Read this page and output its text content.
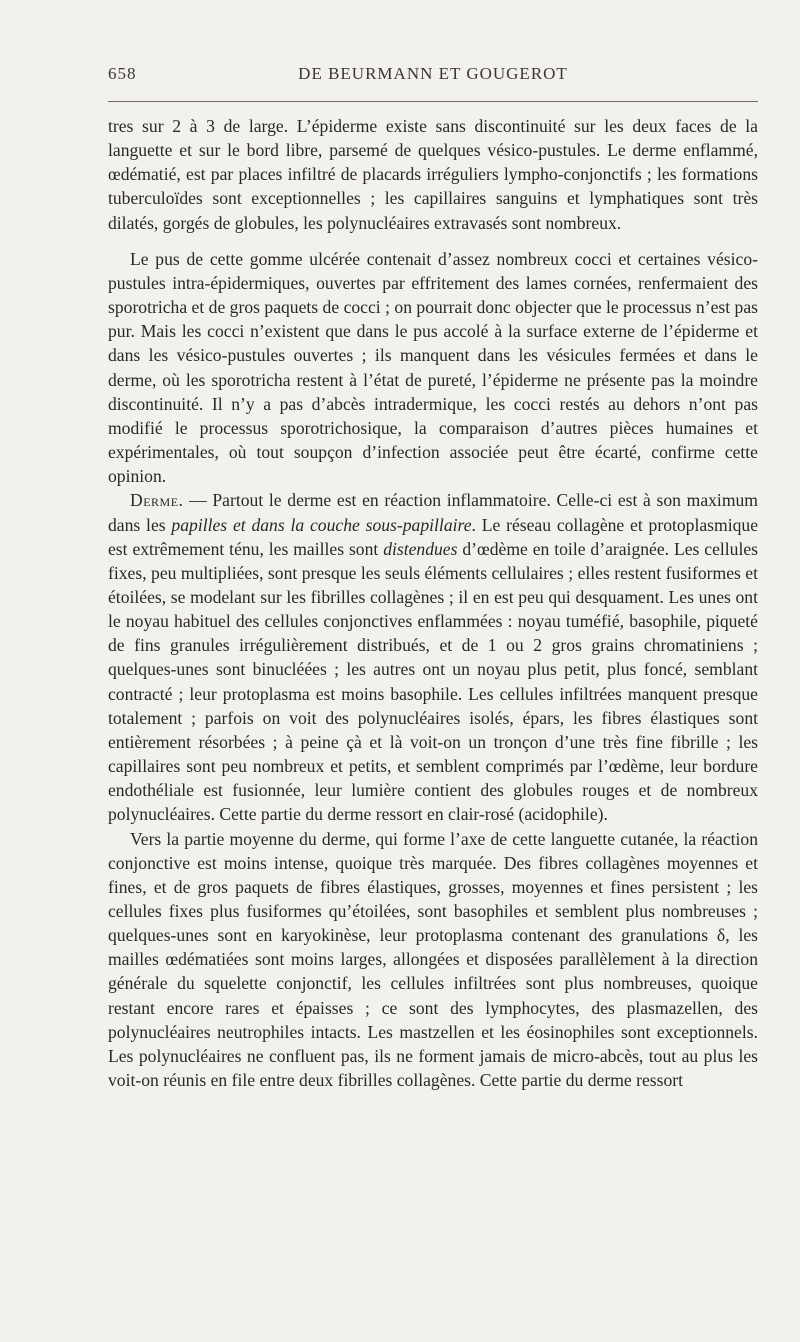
658	DE BEURMANN ET GOUGEROT

tres sur 2 à 3 de large. L’épiderme existe sans discontinuité sur les deux faces de la languette et sur le bord libre, parsemé de quelques vésico-pustules. Le derme enflammé, œdématié, est par places infiltré de placards irréguliers lympho-conjonctifs ; les formations tuberculoïdes sont exceptionnelles ; les capillaires sanguins et lymphatiques sont très dilatés, gorgés de globules, les polynucléaires extravasés sont nombreux.

Le pus de cette gomme ulcérée contenait d’assez nombreux cocci et certaines vésico-pustules intra-épidermiques, ouvertes par effritement des lames cornées, renfermaient des sporotricha et de gros paquets de cocci ; on pourrait donc objecter que le processus n’est pas pur. Mais les cocci n’existent que dans le pus accolé à la surface externe de l’épiderme et dans les vésico-pustules ouvertes ; ils manquent dans les vésicules fermées et dans le derme, où les sporotricha restent à l’état de pureté, l’épiderme ne présente pas la moindre discontinuité. Il n’y a pas d’abcès intradermique, les cocci restés au dehors n’ont pas modifié le processus sporotrichosique, la comparaison d’autres pièces humaines et expérimentales, où tout soupçon d’infection associée peut être écarté, confirme cette opinion.

Derme. — Partout le derme est en réaction inflammatoire. Celle-ci est à son maximum dans les papilles et dans la couche sous-papillaire. Le réseau collagène et protoplasmique est extrêmement ténu, les mailles sont distendues d’œdème en toile d’araignée. Les cellules fixes, peu multipliées, sont presque les seuls éléments cellulaires ; elles restent fusiformes et étoilées, se modelant sur les fibrilles collagènes ; il en est peu qui desquament. Les unes ont le noyau habituel des cellules conjonctives enflammées : noyau tuméfié, basophile, piqueté de fins granules irrégulièrement distribués, et de 1 ou 2 gros grains chromatiniens ; quelques-unes sont binucléées ; les autres ont un noyau plus petit, plus foncé, semblant contracté ; leur protoplasma est moins basophile. Les cellules infiltrées manquent presque totalement ; parfois on voit des polynucléaires isolés, épars, les fibres élastiques sont entièrement résorbées ; à peine çà et là voit-on un tronçon d’une très fine fibrille ; les capillaires sont peu nombreux et petits, et semblent comprimés par l’œdème, leur bordure endothéliale est fusionnée, leur lumière contient des globules rouges et de nombreux polynucléaires. Cette partie du derme ressort en clair-rosé (acidophile).

Vers la partie moyenne du derme, qui forme l’axe de cette languette cutanée, la réaction conjonctive est moins intense, quoique très marquée. Des fibres collagènes moyennes et fines, et de gros paquets de fibres élastiques, grosses, moyennes et fines persistent ; les cellules fixes plus fusiformes qu’étoilées, sont basophiles et semblent plus nombreuses ; quelques-unes sont en karyokinèse, leur protoplasma contenant des granulations δ, les mailles œdématiées sont moins larges, allongées et disposées parallèlement à la direction générale du squelette conjonctif, les cellules infiltrées sont plus nombreuses, quoique restant encore rares et épaisses ; ce sont des lymphocytes, des plasmazellen, des polynucléaires neutrophiles intacts. Les mastzellen et les éosinophiles sont exceptionnels. Les polynucléaires ne confluent pas, ils ne forment jamais de micro-abcès, tout au plus les voit-on réunis en file entre deux fibrilles collagènes. Cette partie du derme ressort
